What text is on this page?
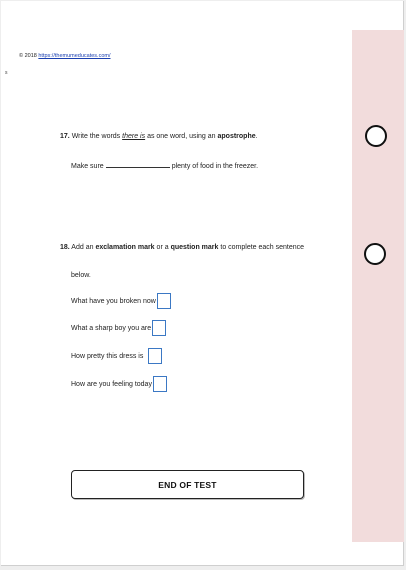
© 2018 https://themumeducates.com/
s
17. Write the words there is as one word, using an apostrophe.
Make sure	plenty of food in the freezer.
18. Add an exclamation mark or a question mark to complete each sentence
below.
What have you broken now
What a sharp boy you are
How pretty this dress is
How are you feeling today
END OF TEST
